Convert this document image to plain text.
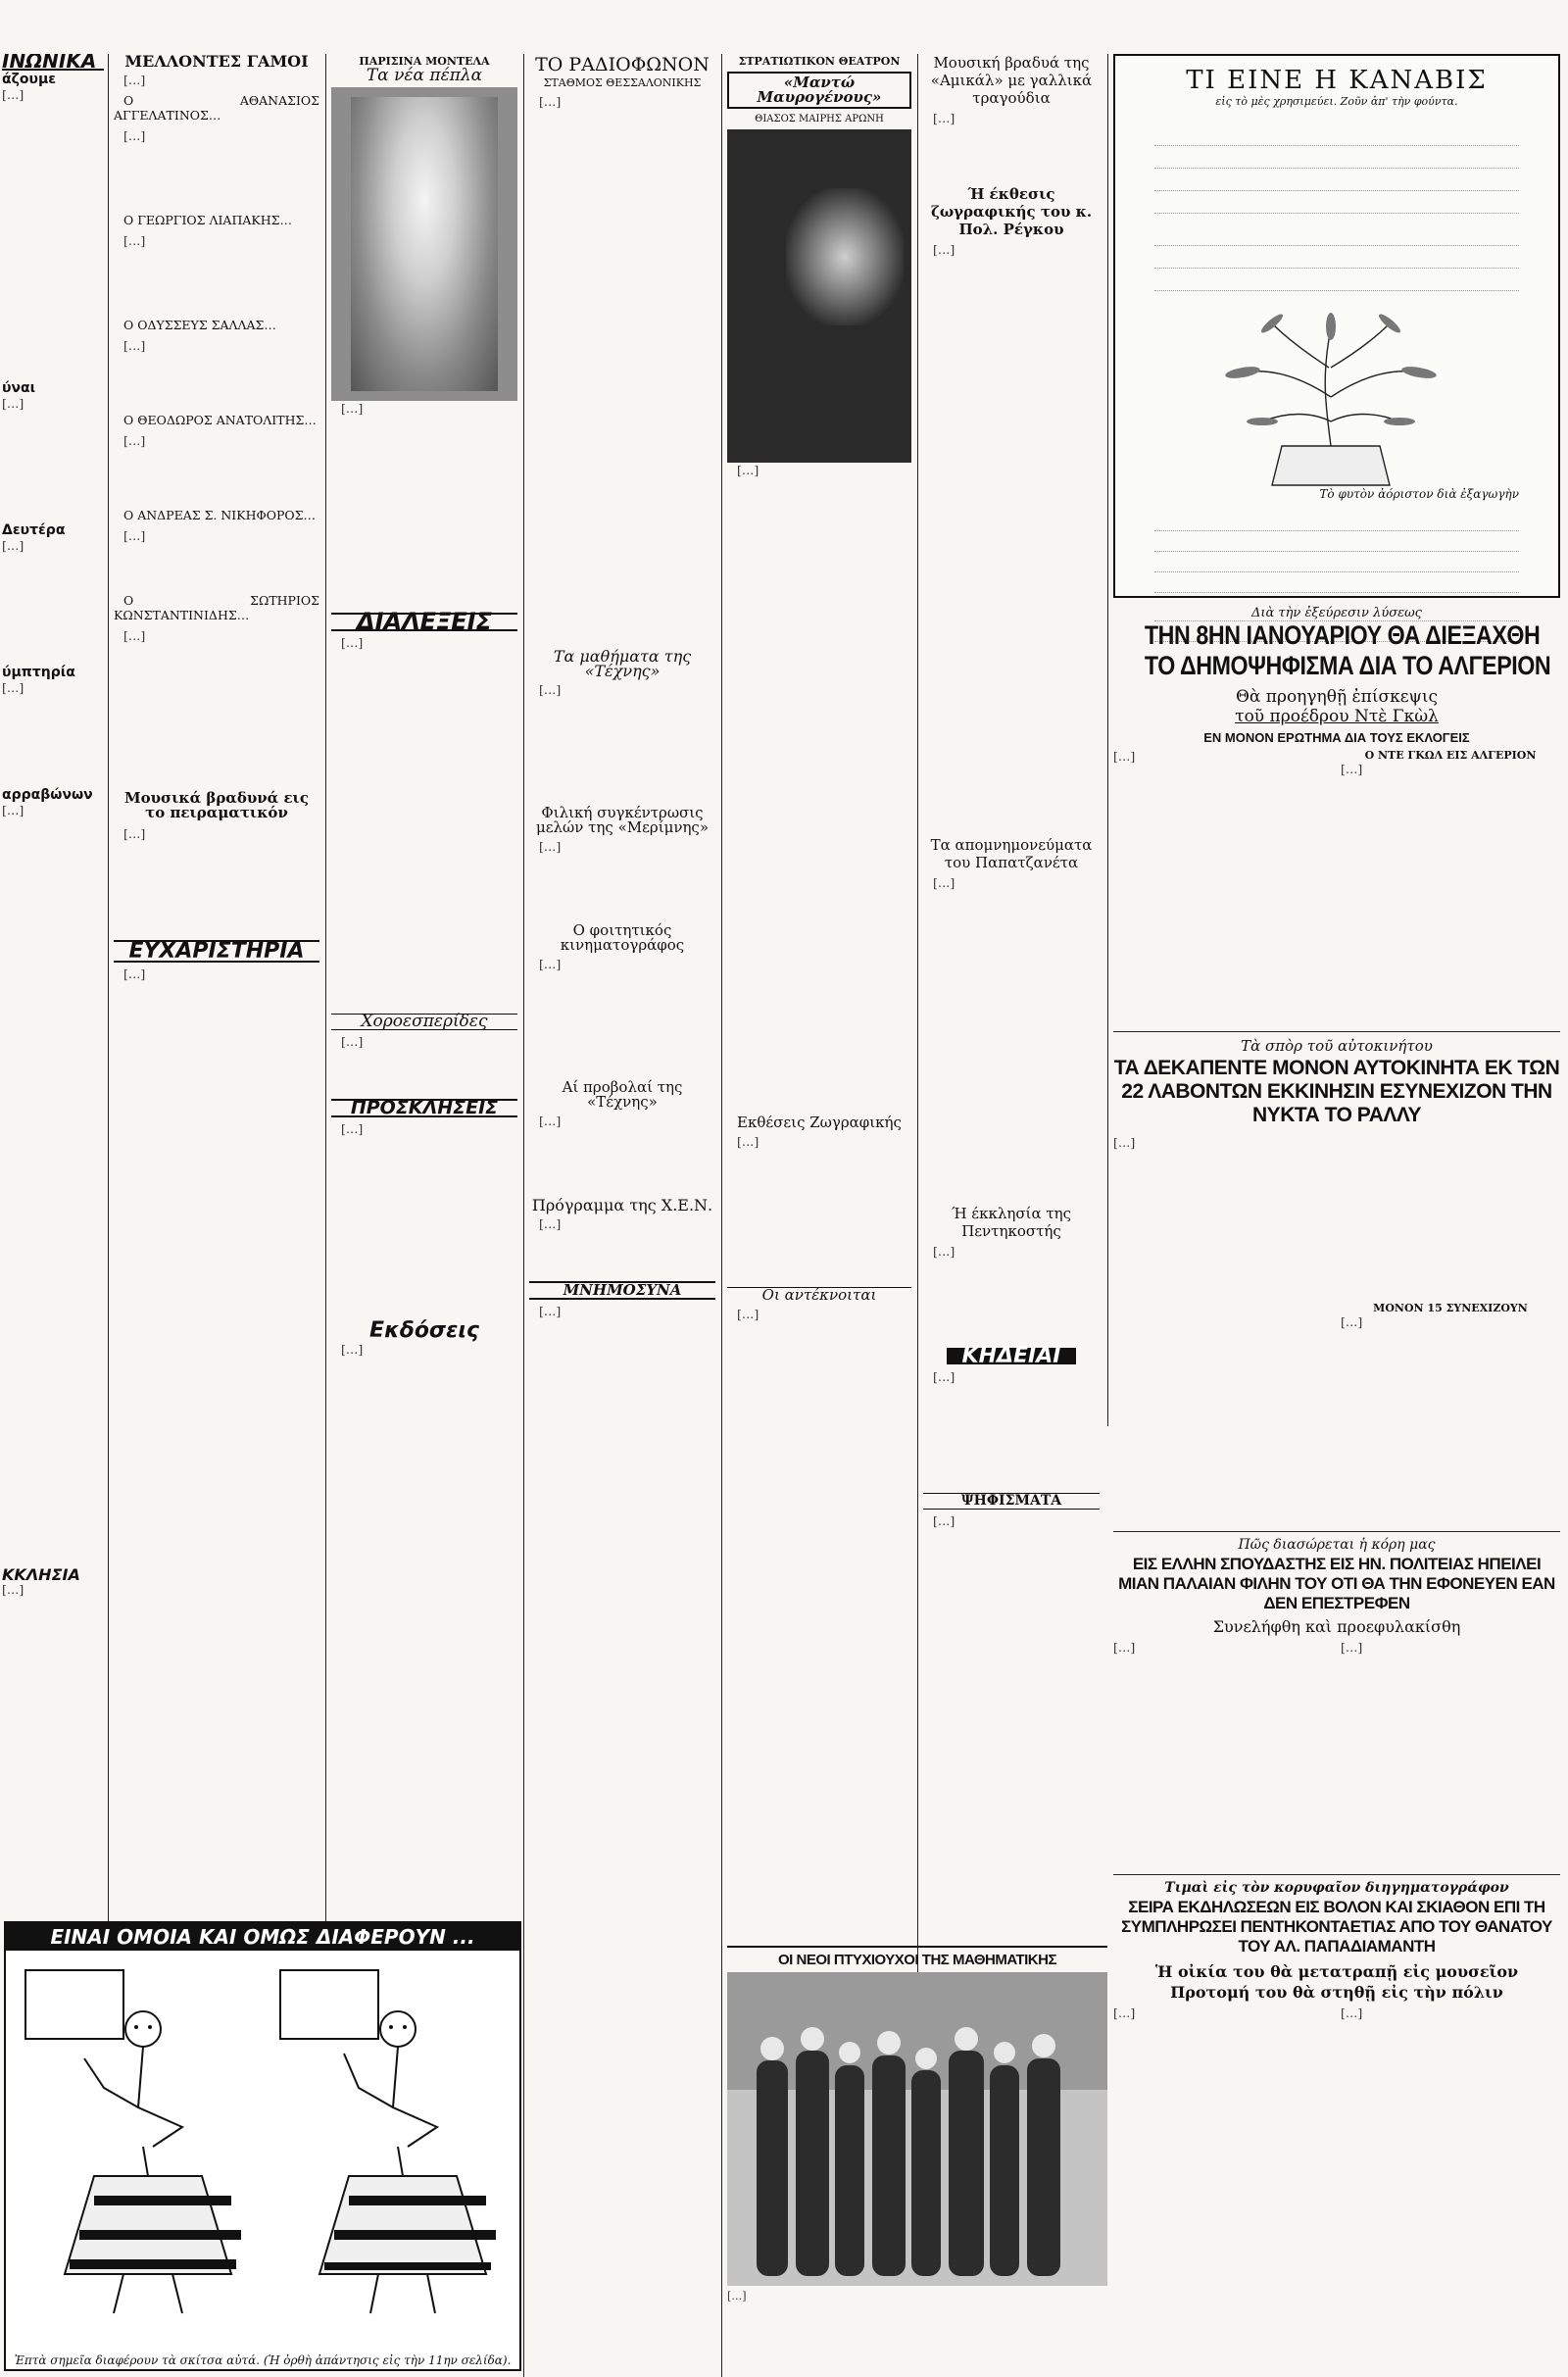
ΙΝΩΝΙΚΑ
άζουμε
[…]
ύναι
[…]
Δευτέρα
[…]
ύμπτηρία
[…]
αρραβώνων
[…]
ΚΚΛΗΣΙΑ
[…]
ΜΕΛΛΟΝΤΕΣ ΓΑΜΟΙ

[…]

Ο ΑΘΑΝΑΣΙΟΣ ΑΓΓΕΛΑΤΙΝΟΣ…

[…]

Ο ΓΕΩΡΓΙΟΣ ΛΙΑΠΑΚΗΣ…

[…]

Ο ΟΔΥΣΣΕΥΣ ΣΑΛΛΑΣ…

[…]

Ο ΘΕΟΔΩΡΟΣ ΑΝΑΤΟΛΙΤΗΣ…

[…]

Ο ΑΝΔΡΕΑΣ Σ. ΝΙΚΗΦΟΡΟΣ…

[…]

Ο ΣΩΤΗΡΙΟΣ ΚΩΝΣΤΑΝΤΙΝΙΔΗΣ…

[…]

Μουσικά βραδυνά εις το πειραματικόν

[…]

ΕΥΧΑΡΙΣΤΗΡΙΑ

[…]

ΠΑΡΙΣΙΝΑ ΜΟΝΤΕΛΑ
Τα νέα πέπλα

[…]

ΔΙΑΛΕΞΕΙΣ

[…]

Χοροεσπερίδες

[…]

ΠΡΟΣΚΛΗΣΕΙΣ

[…]

Εκδόσεις

[…]

ΤΟ ΡΑΔΙΟΦΩΝΟΝ
ΣΤΑΘΜΟΣ ΘΕΣΣΑΛΟΝΙΚΗΣ

[…]

Τα μαθήματα της «Τέχνης»

[…]

Φιλική συγκέντρωσις μελών της «Μερίμνης»

[…]

Ο φοιτητικός κινηματογράφος

[…]

Αί προβολαί της «Τέχνης»

[…]

Πρόγραμμα της Χ.Ε.Ν.

[…]

ΜΝΗΜΟΣΥΝΑ

[…]

ΣΤΡΑΤΙΩΤΙΚΟΝ ΘΕΑΤΡΟΝ
«Μαντώ Μαυρογένους»
ΘΙΑΣΟΣ ΜΑΙΡΗΣ ΑΡΩΝΗ

[…]

Εκθέσεις Ζωγραφικής

[…]

Οι αντέκνοιται

[…]

Μουσική βραδυά της «Αμικάλ» με γαλλικά τραγούδια

[…]

Ή έκθεσις ζωγραφικής του κ. Πολ. Ρέγκου

[…]

Τα απομνημονεύματα του Παπατζανέτα

[…]

Ή έκκλησία της Πεντηκοστής

[…]

ΚΗΔΕΙΑΙ

[…]

ΨΗΦΙΣΜΑΤΑ

[…]

ΤΙ ΕΙΝΕ Η ΚΑΝΑΒΙΣ
εἰς τὸ μὲς χρησιμεύει. Ζοῦν ἀπ' τὴν φούντα.
Τὸ φυτὸν ἀόριστον διὰ ἐξαγωγὴν
Διὰ τὴν ἐξεύρεσιν λύσεως
ΤΗΝ 8ΗΝ ΙΑΝΟΥΑΡΙΟΥ ΘΑ ΔΙΕΞΑΧΘΗ
ΤΟ ΔΗΜΟΨΗΦΙΣΜΑ ΔΙΑ ΤΟ ΑΛΓΕΡΙΟΝ
Θὰ προηγηθῇ ἐπίσκεψις
τοῦ προέδρου Ντὲ Γκὼλ
ΕΝ ΜΟΝΟΝ ΕΡΩΤΗΜΑ ΔΙΑ ΤΟΥΣ ΕΚΛΟΓΕΙΣ
[…]	Ο ΝΤΕ ΓΚΩΛ ΕΙΣ ΑΛΓΕΡΙΟΝ
[…]
Τὰ σπὸρ τοῦ αὐτοκινήτου
ΤΑ ΔΕΚΑΠΕΝΤΕ ΜΟΝΟΝ ΑΥΤΟΚΙΝΗΤΑ ΕΚ ΤΩΝ 22 ΛΑΒΟΝΤΩΝ ΕΚΚΙΝΗΣΙΝ ΕΣΥΝΕΧΙΖΟΝ ΤΗΝ ΝΥΚΤΑ ΤΟ ΡΑΛΛΥ
[…]
ΜΟΝΟΝ 15 ΣΥΝΕΧΙΖΟΥΝ
[…]
Πῶς διασώρεται ἡ κόρη μας
ΕΙΣ ΕΛΛΗΝ ΣΠΟΥΔΑΣΤΗΣ ΕΙΣ ΗΝ. ΠΟΛΙΤΕΙΑΣ ΗΠΕΙΛΕΙ ΜΙΑΝ ΠΑΛΑΙΑΝ ΦΙΛΗΝ ΤΟΥ ΟΤΙ ΘΑ ΤΗΝ ΕΦΟΝΕΥΕΝ ΕΑΝ ΔΕΝ ΕΠΕΣΤΡΕΦΕΝ
Συνελήφθη καὶ προεφυλακίσθη
[…]	[…]
Τιμαὶ εἰς τὸν κορυφαῖον διηγηματογράφον
ΣΕΙΡΑ ΕΚΔΗΛΩΣΕΩΝ ΕΙΣ ΒΟΛΟΝ ΚΑΙ ΣΚΙΑΘΟΝ ΕΠΙ ΤΗ ΣΥΜΠΛΗΡΩΣΕΙ ΠΕΝΤΗΚΟΝΤΑΕΤΙΑΣ ΑΠΟ ΤΟΥ ΘΑΝΑΤΟΥ ΤΟΥ ΑΛ. ΠΑΠΑΔΙΑΜΑΝΤΗ
Ἡ οἰκία του θὰ μετατραπῇ εἰς μουσεῖον
Προτομή του θὰ στηθῇ εἰς τὴν πόλιν
[…]	[…]
ΟΙ ΝΕΟΙ ΠΤΥΧΙΟΥΧΟΙ ΤΗΣ ΜΑΘΗΜΑΤΙΚΗΣ
[…]
ΕΙΝΑΙ ΟΜΟΙΑ ΚΑΙ ΟΜΩΣ ΔΙΑΦΕΡΟΥΝ ...
Ἐπτὰ σημεῖα διαφέρουν τὰ σκίτσα αὐτά. (Ἡ ὀρθὴ ἀπάντησις εἰς τὴν 11ην σελίδα).
